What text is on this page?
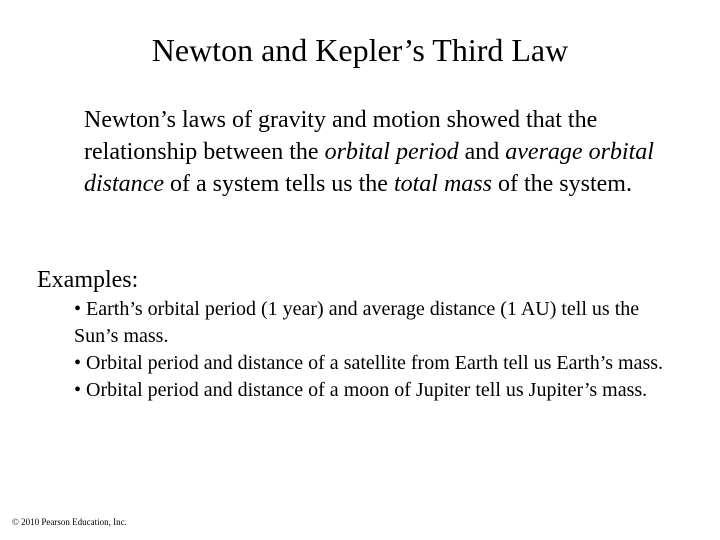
Newton and Kepler’s Third Law

Newton’s laws of gravity and motion showed that the relationship between the orbital period and average orbital distance of a system tells us the total mass of the system.

Examples:

• Earth’s orbital period (1 year) and average distance (1 AU) tell us the Sun’s mass.
• Orbital period and distance of a satellite from Earth tell us Earth’s mass.
• Orbital period and distance of a moon of Jupiter tell us Jupiter’s mass.

© 2010 Pearson Education, Inc.
